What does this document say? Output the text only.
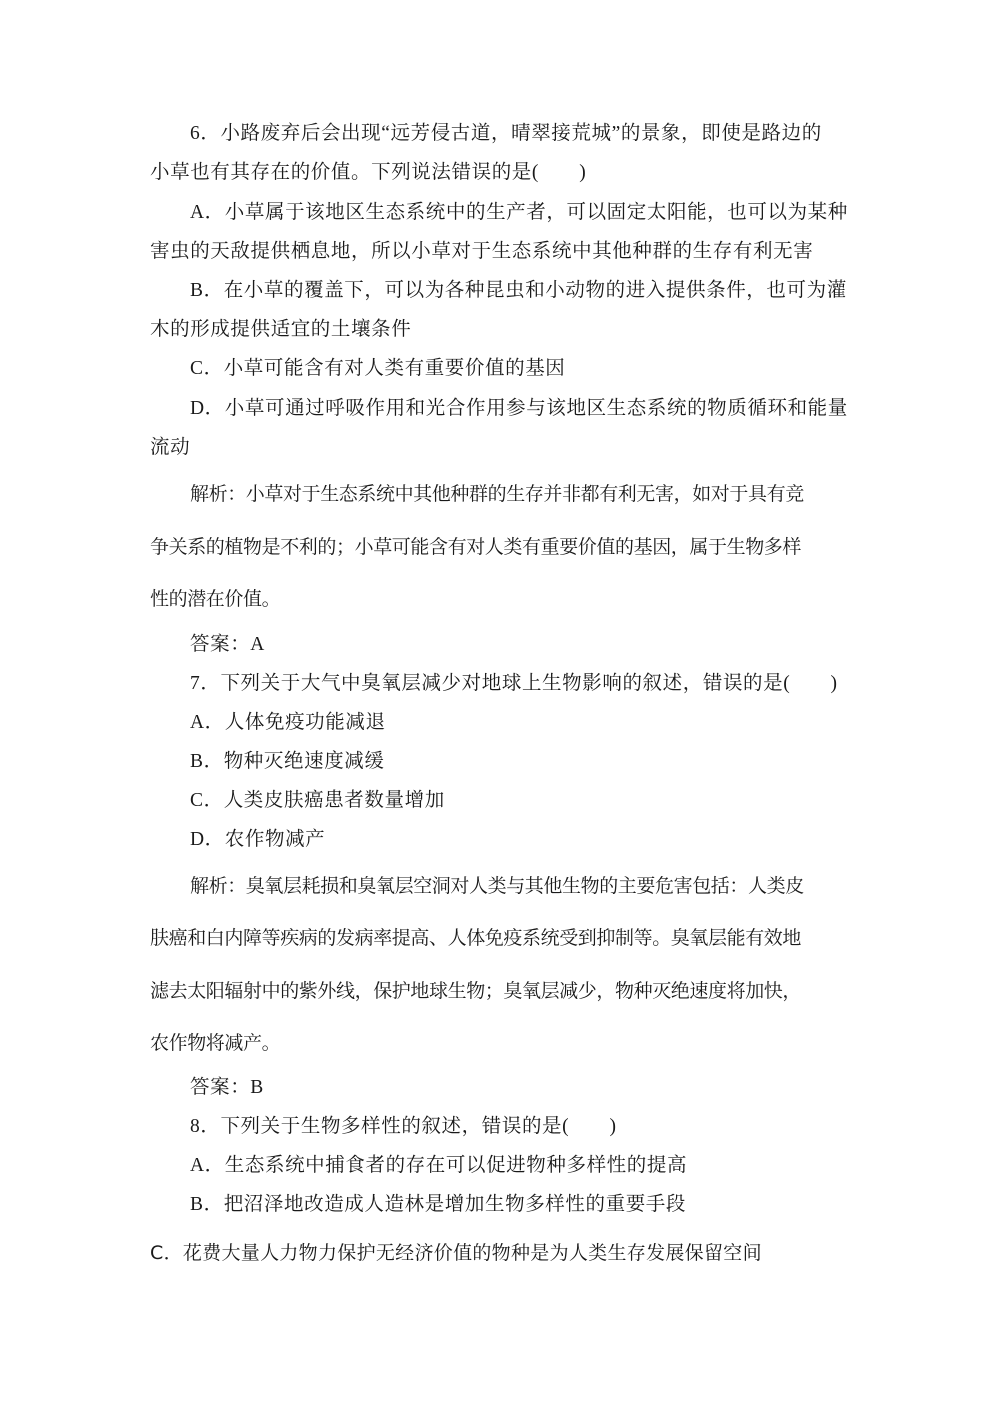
6．小路废弃后会出现“远芳侵古道，晴翠接荒城”的景象，即使是路边的
小草也有其存在的价值。下列说法错误的是(　　)
A．小草属于该地区生态系统中的生产者，可以固定太阳能，也可以为某种
害虫的天敌提供栖息地，所以小草对于生态系统中其他种群的生存有利无害
B．在小草的覆盖下，可以为各种昆虫和小动物的进入提供条件，也可为灌
木的形成提供适宜的土壤条件
C．小草可能含有对人类有重要价值的基因
D．小草可通过呼吸作用和光合作用参与该地区生态系统的物质循环和能量
流动
解析：小草对于生态系统中其他种群的生存并非都有利无害，如对于具有竞
争关系的植物是不利的；小草可能含有对人类有重要价值的基因，属于生物多样
性的潜在价值。
答案：A
7．下列关于大气中臭氧层减少对地球上生物影响的叙述，错误的是(　　)
A．人体免疫功能减退
B．物种灭绝速度减缓
C．人类皮肤癌患者数量增加
D．农作物减产
解析：臭氧层耗损和臭氧层空洞对人类与其他生物的主要危害包括：人类皮
肤癌和白内障等疾病的发病率提高、人体免疫系统受到抑制等。臭氧层能有效地
滤去太阳辐射中的紫外线，保护地球生物；臭氧层减少，物种灭绝速度将加快，
农作物将减产。
答案：B
8．下列关于生物多样性的叙述，错误的是(　　)
A．生态系统中捕食者的存在可以促进物种多样性的提高
B．把沼泽地改造成人造林是增加生物多样性的重要手段
C．花费大量人力物力保护无经济价值的物种是为人类生存发展保留空间
